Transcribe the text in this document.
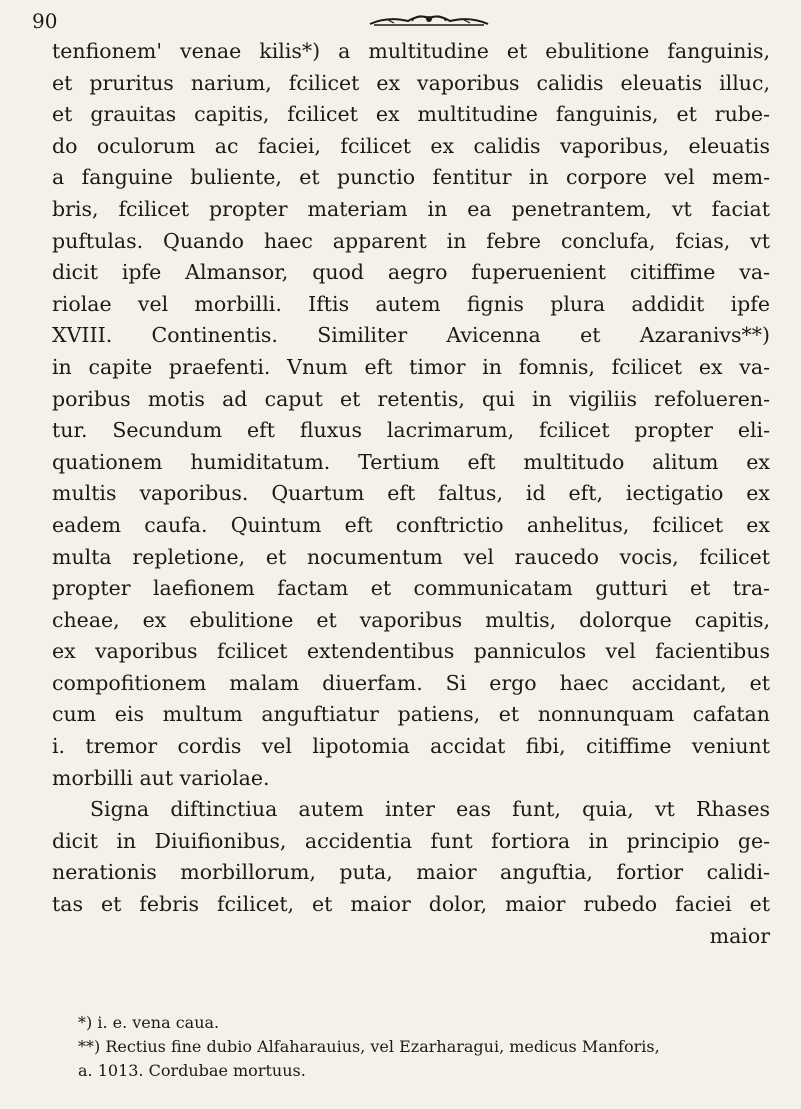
90
tenfionem' venae kilis*) a multitudine et ebulitione fanguinis,
et pruritus narium, fcilicet ex vaporibus calidis eleuatis illuc,
et grauitas capitis, fcilicet ex multitudine fanguinis, et rube-
do oculorum ac faciei, fcilicet ex calidis vaporibus, eleuatis
a fanguine buliente, et punctio fentitur in corpore vel mem-
bris, fcilicet propter materiam in ea penetrantem, vt faciat
puftulas. Quando haec apparent in febre conclufa, fcias, vt
dicit ipfe Almansor, quod aegro fuperuenient citiffime va-
riolae vel morbilli. Iftis autem fignis plura addidit ipfe
XVIII. Continentis. Similiter Avicenna et Azaranivs**)
in capite praefenti. Vnum eft timor in fomnis, fcilicet ex va-
poribus motis ad caput et retentis, qui in vigiliis refolueren-
tur. Secundum eft fluxus lacrimarum, fcilicet propter eli-
quationem humiditatum. Tertium eft multitudo alitum ex
multis vaporibus. Quartum eft faltus, id eft, iectigatio ex
eadem caufa. Quintum eft conftrictio anhelitus, fcilicet ex
multa repletione, et nocumentum vel raucedo vocis, fcilicet
propter laefionem factam et communicatam gutturi et tra-
cheae, ex ebulitione et vaporibus multis, dolorque capitis,
ex vaporibus fcilicet extendentibus panniculos vel facientibus
compofitionem malam diuerfam. Si ergo haec accidant, et
cum eis multum anguftiatur patiens, et nonnunquam cafatan
i. tremor cordis vel lipotomia accidat fibi, citiffime veniunt
morbilli aut variolae.
Signa diftinctiua autem inter eas funt, quia, vt Rhases
dicit in Diuifionibus, accidentia funt fortiora in principio ge-
nerationis morbillorum, puta, maior anguftia, fortior calidi-
tas et febris fcilicet, et maior dolor, maior rubedo faciei et
maior
*) i. e. vena caua.
**) Rectius fine dubio Alfaharauius, vel Ezarharagui, medicus Manforis,
a. 1013. Cordubae mortuus.
